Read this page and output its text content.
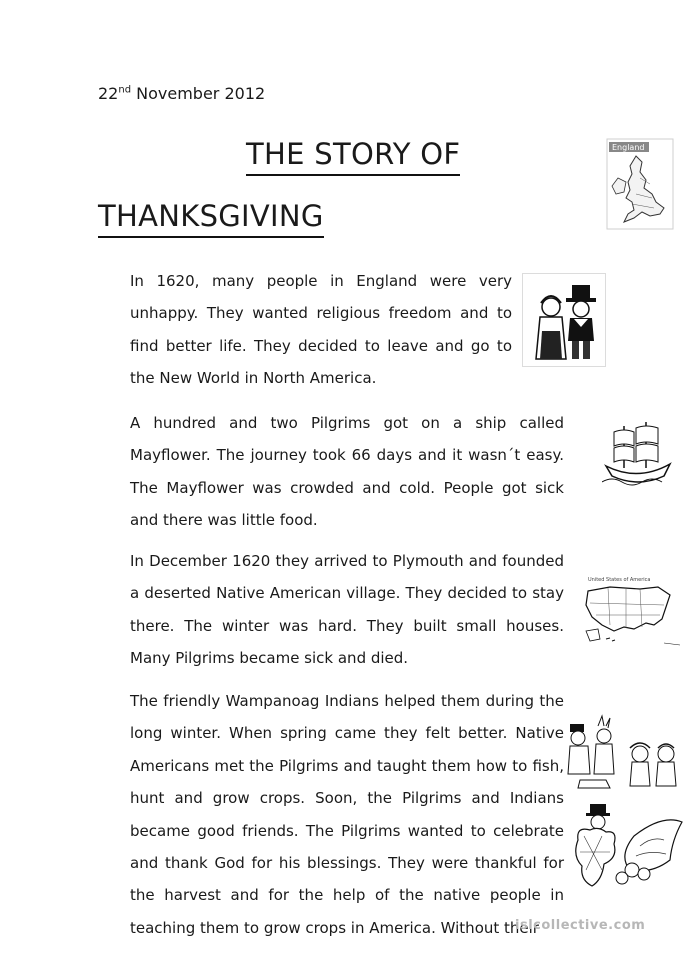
22nd November 2012
THE STORY OF
THANKSGIVING
England
United States of America

In 1620, many people in England were very unhappy. They wanted religious freedom and to find better life. They decided to leave and go to the New World in North America.

A hundred and two Pilgrims got on a ship called Mayflower. The journey took 66 days and it wasn´t easy. The Mayflower was crowded and cold. People got sick and there was little food.

In December 1620 they arrived to Plymouth and founded a deserted Native American village. They decided to stay there. The winter was hard. They built small houses. Many Pilgrims became sick and died.

The friendly Wampanoag Indians helped them during the long winter. When spring came they felt better. Native Americans met the Pilgrims and taught them how to fish, hunt and grow crops. Soon, the Pilgrims and Indians became good friends. The Pilgrims wanted to celebrate and thank God for his blessings. They were thankful for the harvest and for the help of the native people in teaching them to grow crops in America. Without their

islcollective.com
